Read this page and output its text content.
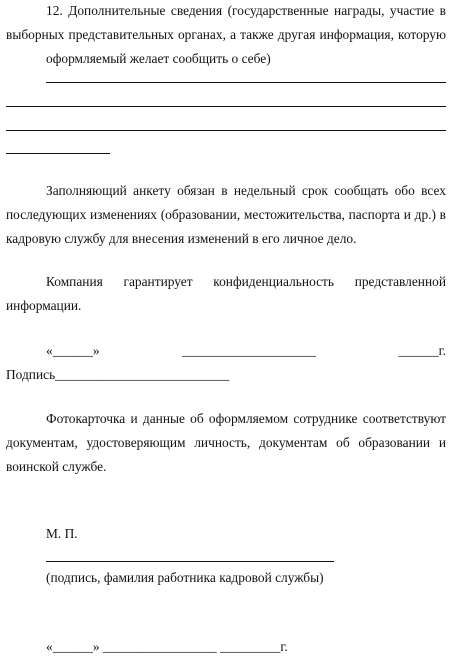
12. Дополнительные сведения (государственные награды, участие в
выборных представительных органах, а также другая информация, которую
оформляемый желает сообщить о себе)
Заполняющий анкету обязан в недельный срок сообщать обо всех
последующих изменениях (образовании, местожительства, паспорта и др.) в
кадровую службу для внесения изменений в его личное дело.
Компания гарантирует конфиденциальность представленной
информации.
«______»	____________________	______г.
Подпись__________________________
Фотокарточка и данные об оформляемом сотруднике соответствуют
документам, удостоверяющим личность, документам об образовании и
воинской службе.
М. П.
(подпись, фамилия работника кадровой службы)
«______» _________________ _________г.
